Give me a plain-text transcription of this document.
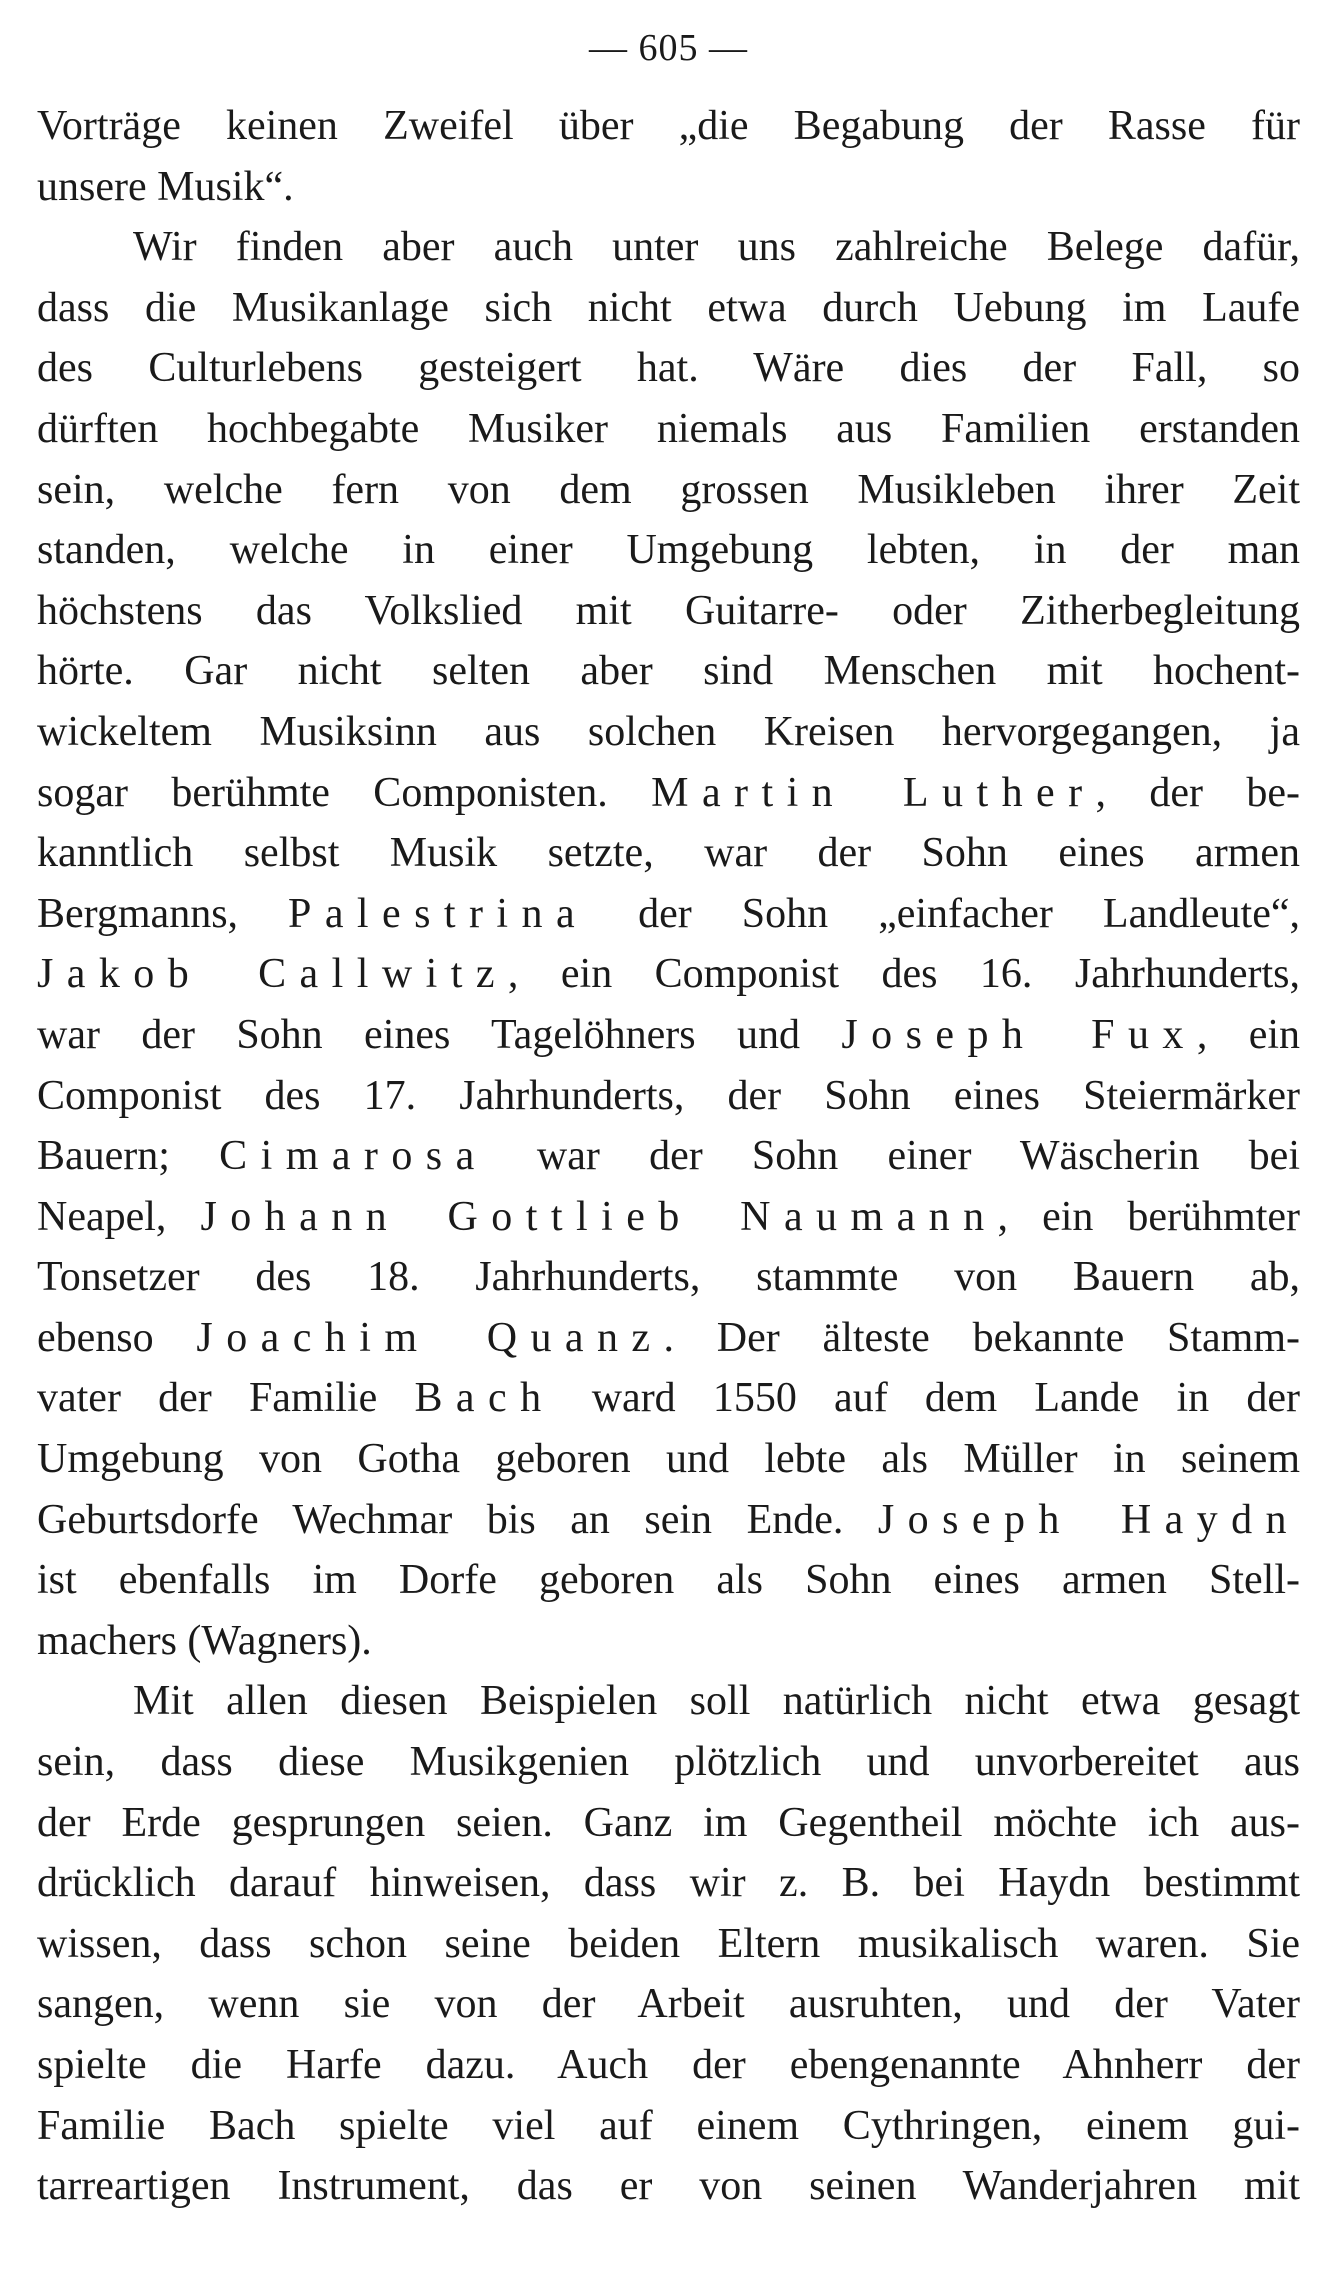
— 605 —
Vorträge keinen Zweifel über „die Begabung der Rasse für
unsere Musik“.
Wir finden aber auch unter uns zahlreiche Belege dafür,
dass die Musikanlage sich nicht etwa durch Uebung im Laufe
des Culturlebens gesteigert hat. Wäre dies der Fall, so
dürften hochbegabte Musiker niemals aus Familien erstanden
sein, welche fern von dem grossen Musikleben ihrer Zeit
standen, welche in einer Umgebung lebten, in der man
höchstens das Volkslied mit Guitarre- oder Zitherbegleitung
hörte. Gar nicht selten aber sind Menschen mit hochent-
wickeltem Musiksinn aus solchen Kreisen hervorgegangen, ja
sogar berühmte Componisten. Martin Luther, der be-
kanntlich selbst Musik setzte, war der Sohn eines armen
Bergmanns, Palestrina der Sohn „einfacher Landleute“,
Jakob Callwitz, ein Componist des 16. Jahrhunderts,
war der Sohn eines Tagelöhners und Joseph Fux, ein
Componist des 17. Jahrhunderts, der Sohn eines Steiermärker
Bauern; Cimarosa war der Sohn einer Wäscherin bei
Neapel, Johann Gottlieb Naumann, ein berühmter
Tonsetzer des 18. Jahrhunderts, stammte von Bauern ab,
ebenso Joachim Quanz. Der älteste bekannte Stamm-
vater der Familie Bach ward 1550 auf dem Lande in der
Umgebung von Gotha geboren und lebte als Müller in seinem
Geburtsdorfe Wechmar bis an sein Ende. Joseph Haydn
ist ebenfalls im Dorfe geboren als Sohn eines armen Stell-
machers (Wagners).
Mit allen diesen Beispielen soll natürlich nicht etwa gesagt
sein, dass diese Musikgenien plötzlich und unvorbereitet aus
der Erde gesprungen seien. Ganz im Gegentheil möchte ich aus-
drücklich darauf hinweisen, dass wir z. B. bei Haydn bestimmt
wissen, dass schon seine beiden Eltern musikalisch waren. Sie
sangen, wenn sie von der Arbeit ausruhten, und der Vater
spielte die Harfe dazu. Auch der ebengenannte Ahnherr der
Familie Bach spielte viel auf einem Cythringen, einem gui-
tarreartigen Instrument, das er von seinen Wanderjahren mit
